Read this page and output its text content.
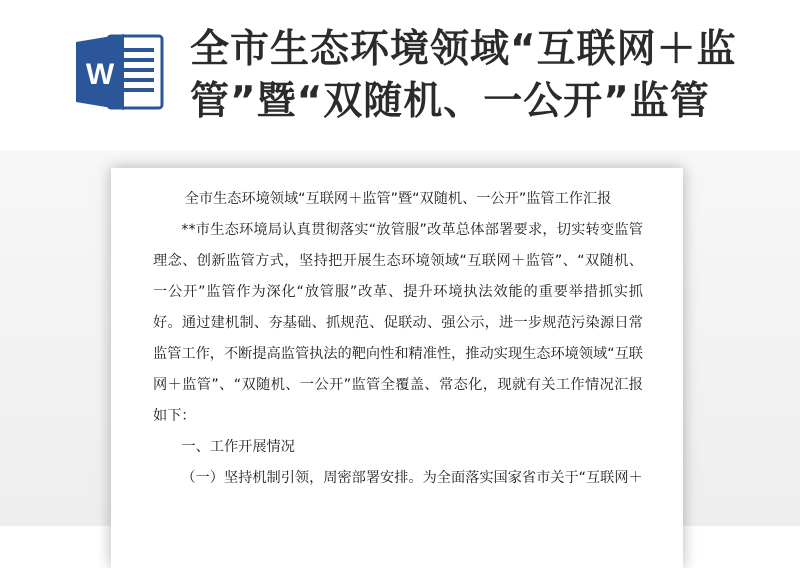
W
全市生态环境领域“互联网＋监管”暨“双随机、一公开”监管

全市生态环境领域“互联网＋监管”暨“双随机、一公开”监管工作汇报

**市生态环境局认真贯彻落实“放管服”改革总体部署要求，切实转变监管理念、创新监管方式，坚持把开展生态环境领域“互联网＋监管”、“双随机、一公开”监管作为深化“放管服”改革、提升环境执法效能的重要举措抓实抓好。通过建机制、夯基础、抓规范、促联动、强公示，进一步规范污染源日常监管工作，不断提高监管执法的靶向性和精准性，推动实现生态环境领域“互联网＋监管”、“双随机、一公开”监管全覆盖、常态化，现就有关工作情况汇报如下：

一、工作开展情况

（一）坚持机制引领，周密部署安排。为全面落实国家省市关于“互联网＋
